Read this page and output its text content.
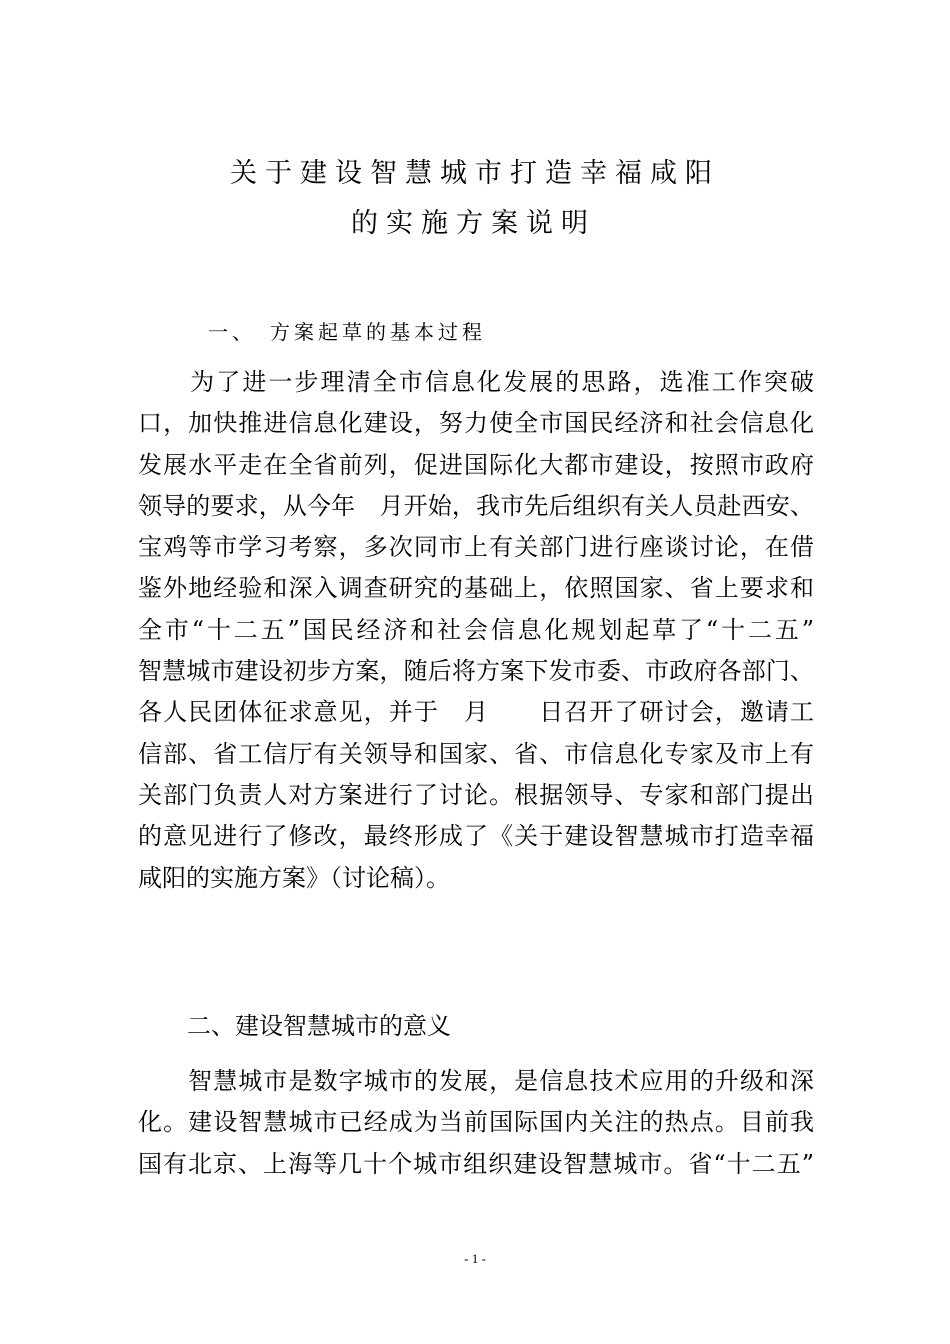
关于建设智慧城市打造幸福咸阳
的实施方案说明
一、 方案起草的基本过程
　　为了进一步理清全市信息化发展的思路，选准工作突破
口，加快推进信息化建设，努力使全市国民经济和社会信息化
发展水平走在全省前列，促进国际化大都市建设，按照市政府
领导的要求，从今年　月开始，我市先后组织有关人员赴西安、
宝鸡等市学习考察，多次同市上有关部门进行座谈讨论，在借
鉴外地经验和深入调查研究的基础上，依照国家、省上要求和
全市“十二五”国民经济和社会信息化规划起草了“十二五”
智慧城市建设初步方案，随后将方案下发市委、市政府各部门、
各人民团体征求意见，并于　月　　日召开了研讨会，邀请工
信部、省工信厅有关领导和国家、省、市信息化专家及市上有
关部门负责人对方案进行了讨论。根据领导、专家和部门提出
的意见进行了修改，最终形成了《关于建设智慧城市打造幸福
咸阳的实施方案》（讨论稿）。
二、建设智慧城市的意义
　　智慧城市是数字城市的发展，是信息技术应用的升级和深
化。建设智慧城市已经成为当前国际国内关注的热点。目前我
国有北京、上海等几十个城市组织建设智慧城市。省“十二五”
- 1 -
